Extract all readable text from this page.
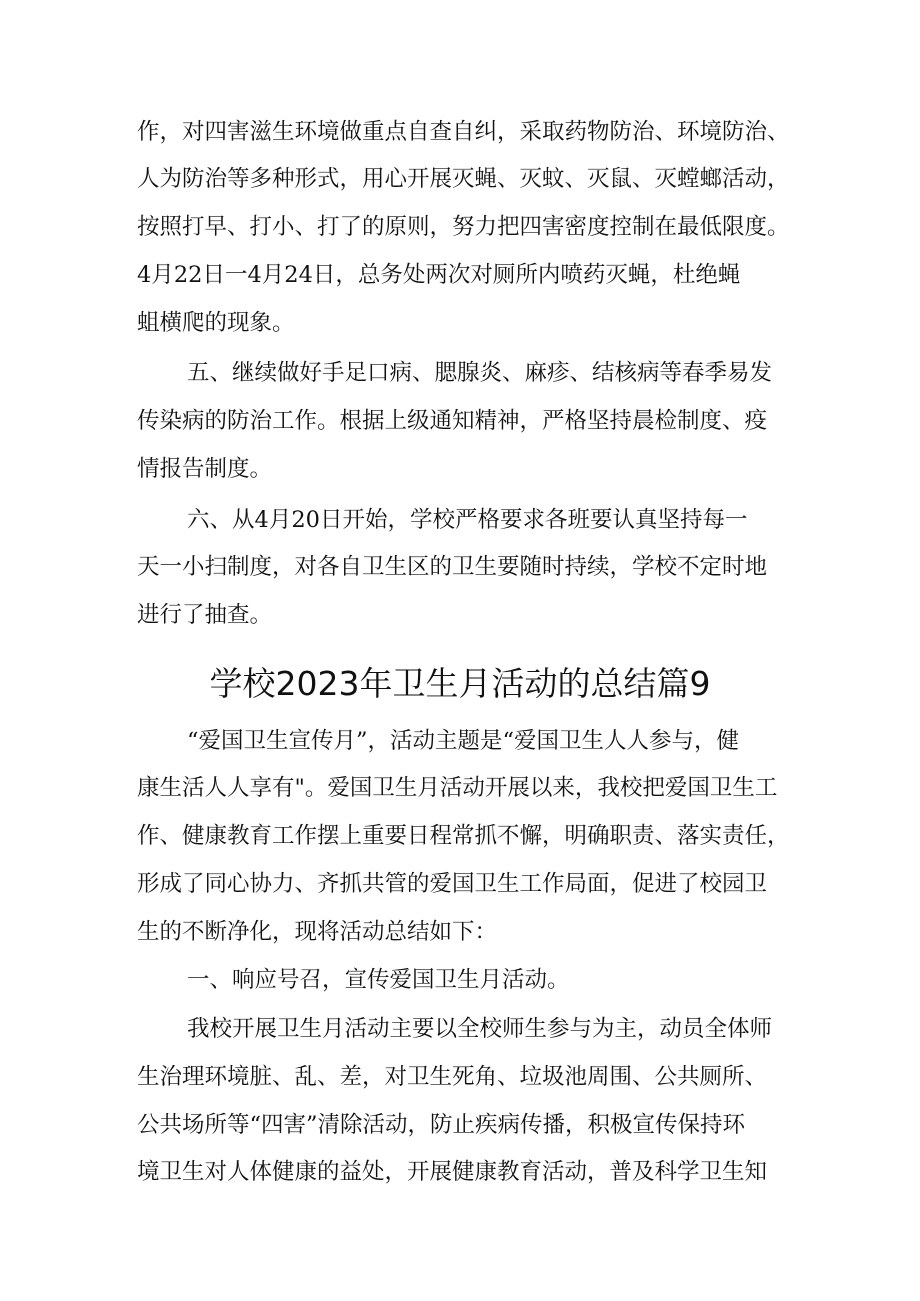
作，对四害滋生环境做重点自查自纠，采取药物防治、环境防治、
人为防治等多种形式，用心开展灭蝇、灭蚊、灭鼠、灭螳螂活动，
按照打早、打小、打了的原则，努力把四害密度控制在最低限度。
4月22日一4月24日，总务处两次对厕所内喷药灭蝇，杜绝蝇
蛆横爬的现象。
五、继续做好手足口病、腮腺炎、麻疹、结核病等春季易发
传染病的防治工作。根据上级通知精神，严格坚持晨检制度、疫
情报告制度。
六、从4月20日开始，学校严格要求各班要认真坚持每一
天一小扫制度，对各自卫生区的卫生要随时持续，学校不定时地
进行了抽查。
学校2023年卫生月活动的总结篇9
“爱国卫生宣传月”，活动主题是“爱国卫生人人参与，健
康生活人人享有"。爱国卫生月活动开展以来，我校把爱国卫生工
作、健康教育工作摆上重要日程常抓不懈，明确职责、落实责任，
形成了同心协力、齐抓共管的爱国卫生工作局面，促进了校园卫
生的不断净化，现将活动总结如下：
一、响应号召，宣传爱国卫生月活动。
我校开展卫生月活动主要以全校师生参与为主，动员全体师
生治理环境脏、乱、差，对卫生死角、垃圾池周围、公共厕所、
公共场所等“四害”清除活动，防止疾病传播，积极宣传保持环
境卫生对人体健康的益处，开展健康教育活动，普及科学卫生知
